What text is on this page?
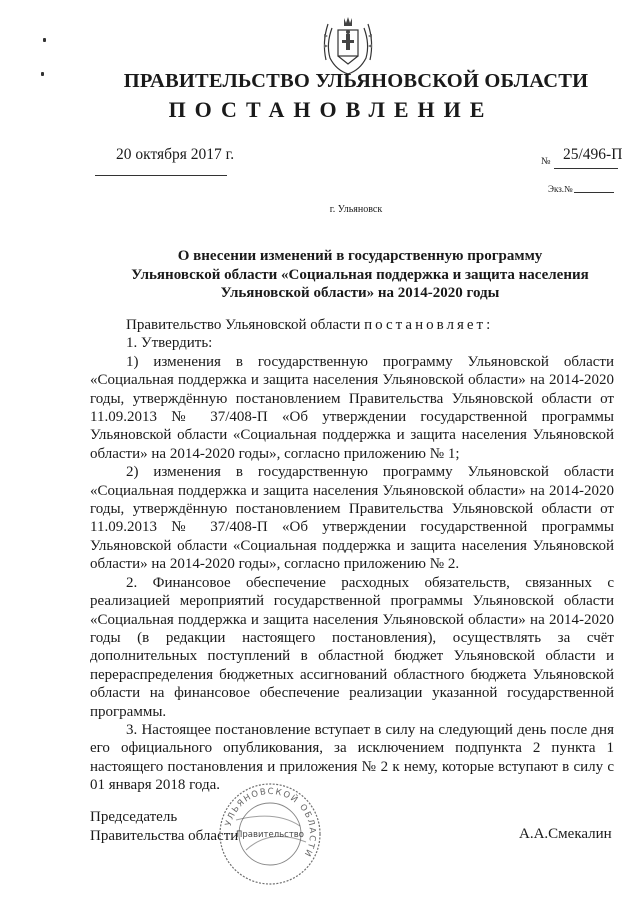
ПРАВИТЕЛЬСТВО УЛЬЯНОВСКОЙ ОБЛАСТИ
ПОСТАНОВЛЕНИЕ
20 октября 2017 г.	№ 25/496-П
Экз.№
г. Ульяновск
О внесении изменений в государственную программу
Ульяновской области «Социальная поддержка и защита населения
Ульяновской области» на 2014-2020 годы

Правительство Ульяновской области постановляет:

1. Утвердить:

1) изменения в государственную программу Ульяновской области «Социальная поддержка и защита населения Ульяновской области» на 2014-2020 годы, утверждённую постановлением Правительства Ульяновской области от 11.09.2013 № 37/408-П «Об утверждении государственной программы Ульяновской области «Социальная поддержка и защита населения Ульяновской области» на 2014-2020 годы», согласно приложению № 1;

2) изменения в государственную программу Ульяновской области «Социальная поддержка и защита населения Ульяновской области» на 2014-2020 годы, утверждённую постановлением Правительства Ульяновской области от 11.09.2013 № 37/408-П «Об утверждении государственной программы Ульяновской области «Социальная поддержка и защита населения Ульяновской области» на 2014-2020 годы», согласно приложению № 2.

2. Финансовое обеспечение расходных обязательств, связанных с реализацией мероприятий государственной программы Ульяновской области «Социальная поддержка и защита населения Ульяновской области» на 2014-2020 годы (в редакции настоящего постановления), осуществлять за счёт дополнительных поступлений в областной бюджет Ульяновской области и перераспределения бюджетных ассигнований областного бюджета Ульяновской области на финансовое обеспечение реализации указанной государственной программы.

3. Настоящее постановление вступает в силу на следующий день после дня его официального опубликования, за исключением подпункта 2 пункта 1 настоящего постановления и приложения № 2 к нему, которые вступают в силу с 01 января 2018 года.

Председатель
Правительства области	А.А.Смекалин
УЛЬЯНОВСКОЙ ОБЛАСТИ
Правительство
